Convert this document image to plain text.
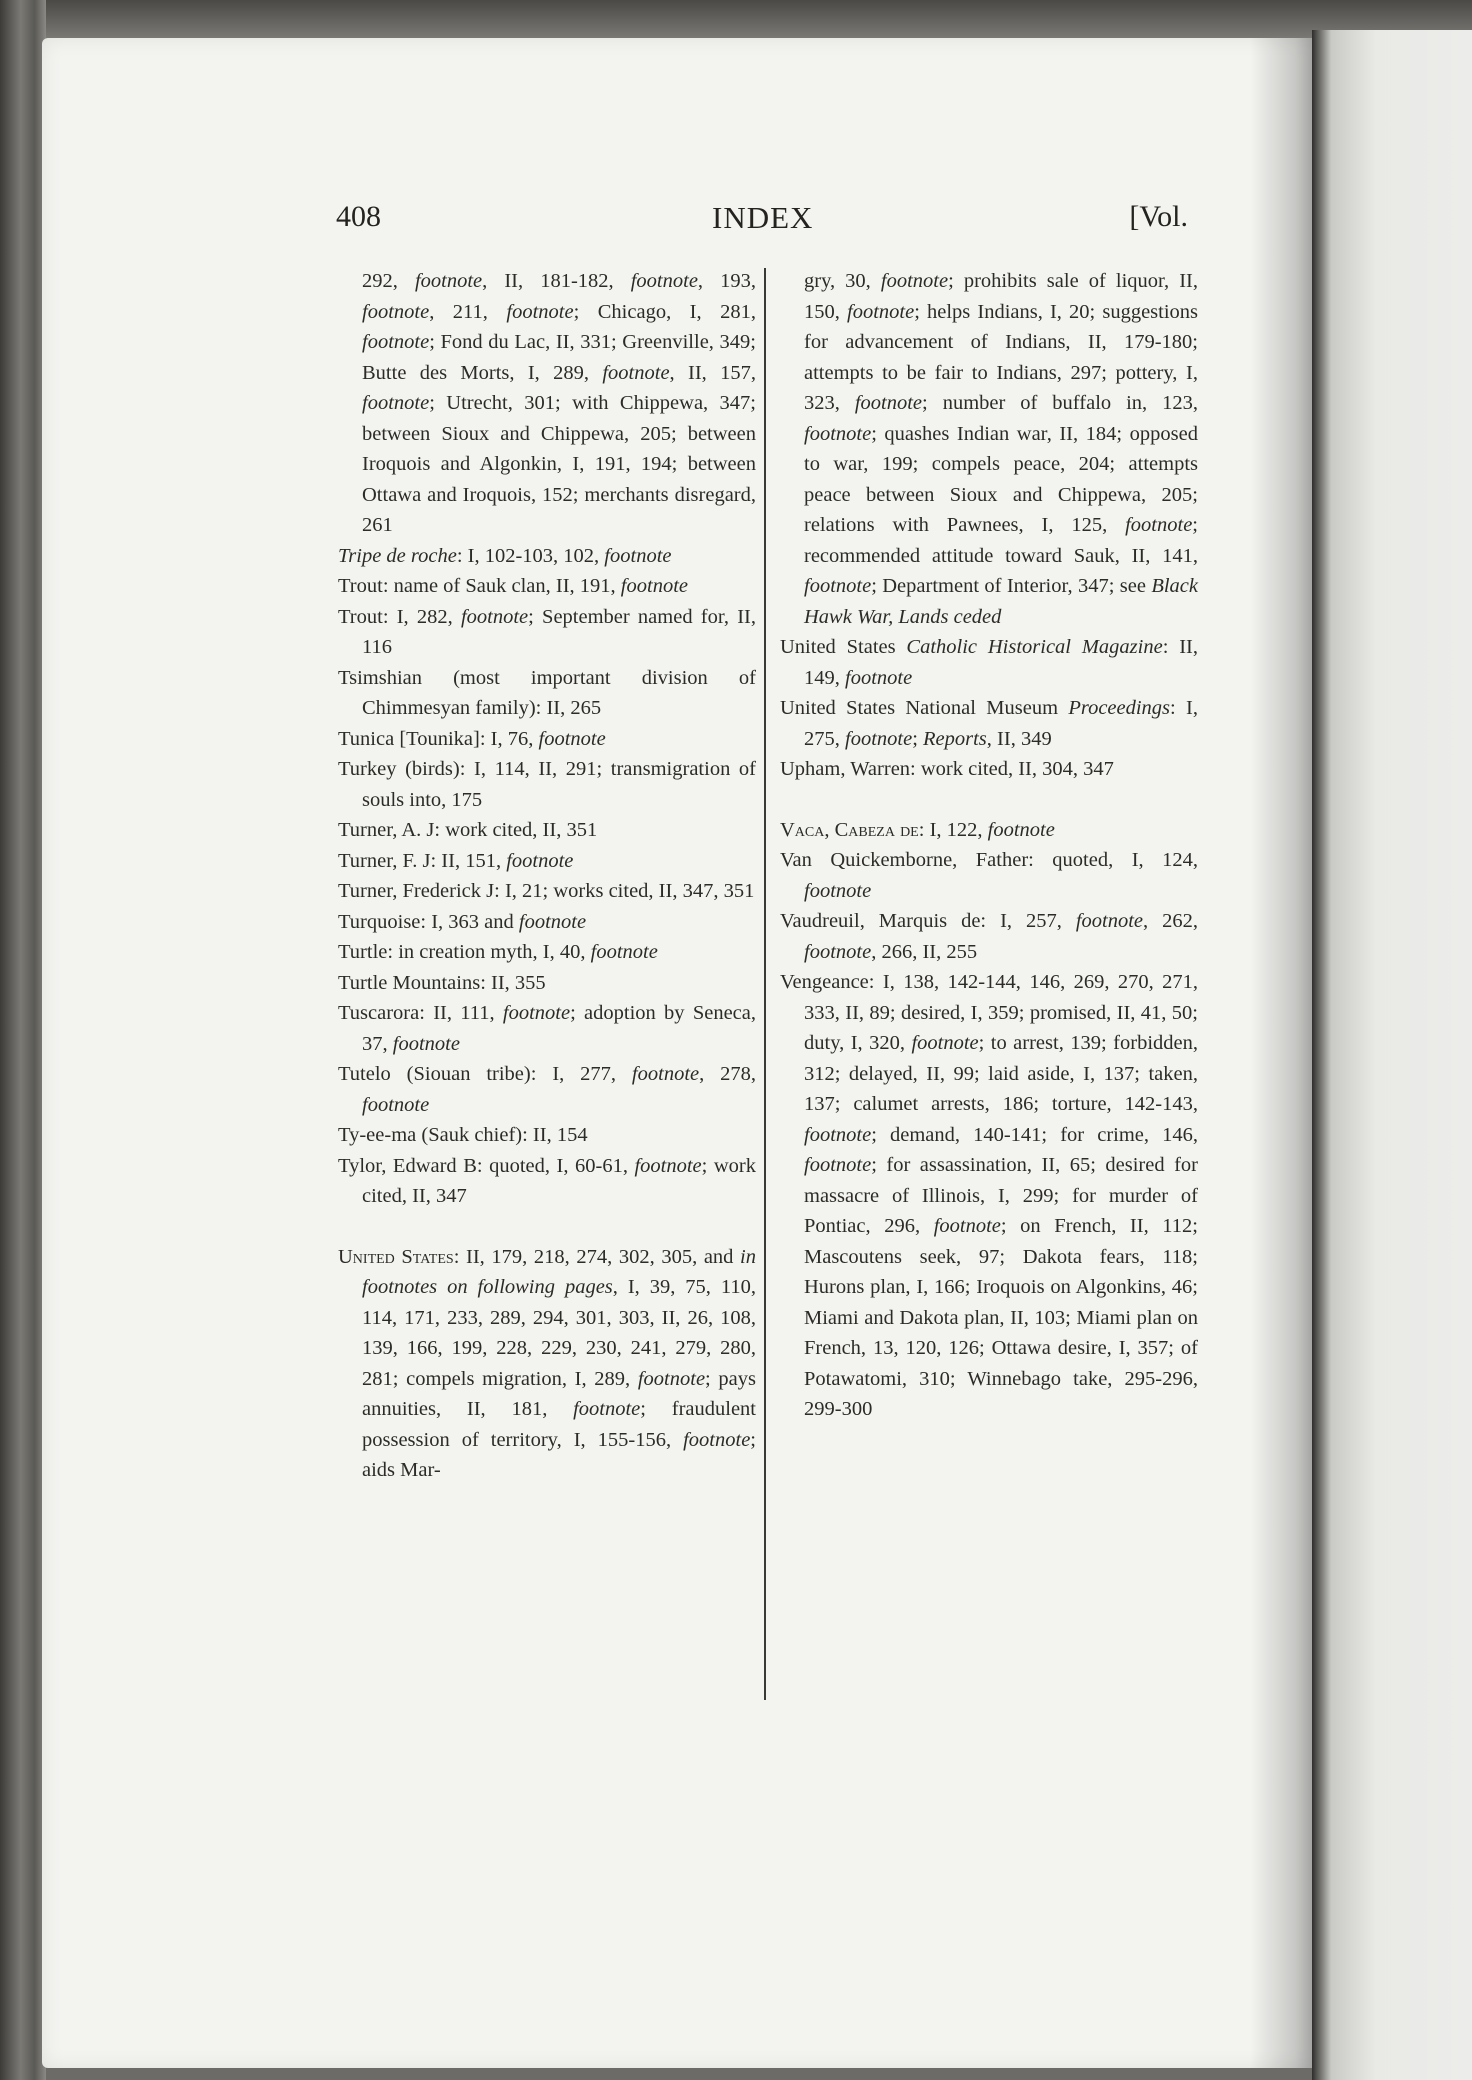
408	INDEX	[Vol.
292, footnote, II, 181-182, footnote, 193, footnote, 211, footnote; Chicago, I, 281, footnote; Fond du Lac, II, 331; Greenville, 349; Butte des Morts, I, 289, footnote, II, 157, footnote; Utrecht, 301; with Chippewa, 347; between Sioux and Chippewa, 205; between Iroquois and Algonkin, I, 191, 194; between Ottawa and Iroquois, 152; merchants disregard, 261
Tripe de roche: I, 102-103, 102, footnote
Trout: name of Sauk clan, II, 191, footnote
Trout: I, 282, footnote; September named for, II, 116
Tsimshian (most important division of Chimmesyan family): II, 265
Tunica [Tounika]: I, 76, footnote
Turkey (birds): I, 114, II, 291; transmigration of souls into, 175
Turner, A. J: work cited, II, 351
Turner, F. J: II, 151, footnote
Turner, Frederick J: I, 21; works cited, II, 347, 351
Turquoise: I, 363 and footnote
Turtle: in creation myth, I, 40, footnote
Turtle Mountains: II, 355
Tuscarora: II, 111, footnote; adoption by Seneca, 37, footnote
Tutelo (Siouan tribe): I, 277, footnote, 278, footnote
Ty-ee-ma (Sauk chief): II, 154
Tylor, Edward B: quoted, I, 60-61, footnote; work cited, II, 347
United States: II, 179, 218, 274, 302, 305, and in footnotes on following pages, I, 39, 75, 110, 114, 171, 233, 289, 294, 301, 303, II, 26, 108, 139, 166, 199, 228, 229, 230, 241, 279, 280, 281; compels migration, I, 289, footnote; pays annuities, II, 181, footnote; fraudulent possession of territory, I, 155-156, footnote; aids Mar-
gry, 30, footnote; prohibits sale of liquor, II, 150, footnote; helps Indians, I, 20; suggestions for advancement of Indians, II, 179-180; attempts to be fair to Indians, 297; pottery, I, 323, footnote; number of buffalo in, 123, footnote; quashes Indian war, II, 184; opposed to war, 199; compels peace, 204; attempts peace between Sioux and Chippewa, 205; relations with Pawnees, I, 125, footnote; recommended attitude toward Sauk, II, 141, footnote; Department of Interior, 347; see Black Hawk War, Lands ceded
United States Catholic Historical Magazine: II, 149, footnote
United States National Museum Proceedings: I, 275, footnote; Reports, II, 349
Upham, Warren: work cited, II, 304, 347
Vaca, Cabeza de: I, 122, footnote
Van Quickemborne, Father: quoted, I, 124, footnote
Vaudreuil, Marquis de: I, 257, footnote, 262, footnote, 266, II, 255
Vengeance: I, 138, 142-144, 146, 269, 270, 271, 333, II, 89; desired, I, 359; promised, II, 41, 50; duty, I, 320, footnote; to arrest, 139; forbidden, 312; delayed, II, 99; laid aside, I, 137; taken, 137; calumet arrests, 186; torture, 142-143, footnote; demand, 140-141; for crime, 146, footnote; for assassination, II, 65; desired for massacre of Illinois, I, 299; for murder of Pontiac, 296, footnote; on French, II, 112; Mascoutens seek, 97; Dakota fears, 118; Hurons plan, I, 166; Iroquois on Algonkins, 46; Miami and Dakota plan, II, 103; Miami plan on French, 13, 120, 126; Ottawa desire, I, 357; of Potawatomi, 310; Winnebago take, 295-296, 299-300
